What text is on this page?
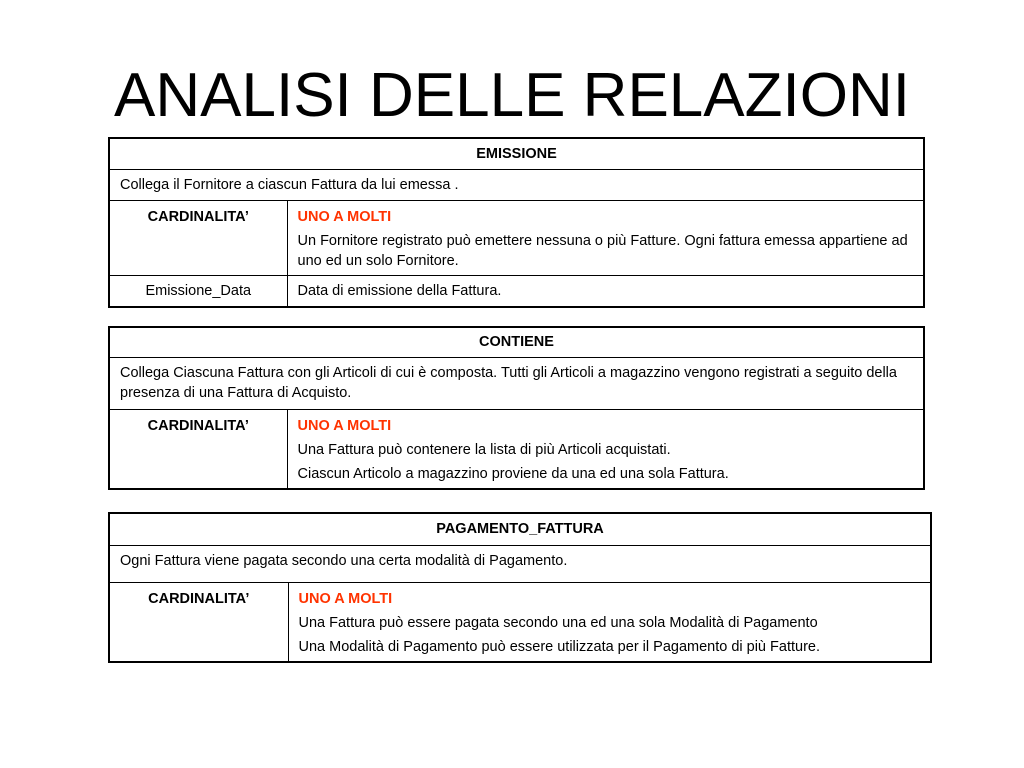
ANALISI DELLE RELAZIONI
EMISSIONE	
Collega il Fornitore a ciascun Fattura da lui emessa .	
CARDINALITA’	UNO A MOLTI
Un Fornitore registrato può emettere nessuna o più Fatture. Ogni fattura emessa appartiene ad uno ed un solo Fornitore.

Emissione_Data	Data di emissione della Fattura.
CONTIENE
Collega Ciascuna Fattura con gli Articoli di cui è composta. Tutti gli Articoli a magazzino vengono registrati a seguito della presenza di una Fattura di Acquisto.
CARDINALITA’	UNO A MOLTI
Una Fattura può contenere la lista di più Articoli acquistati.
Ciascun Articolo a magazzino proviene da una ed una sola Fattura.
PAGAMENTO_FATTURA
Ogni Fattura viene pagata secondo una certa modalità di Pagamento.
CARDINALITA’	UNO A MOLTI
Una Fattura può essere pagata secondo una ed una sola Modalità di Pagamento
Una Modalità di Pagamento può essere utilizzata per il Pagamento di più Fatture.
